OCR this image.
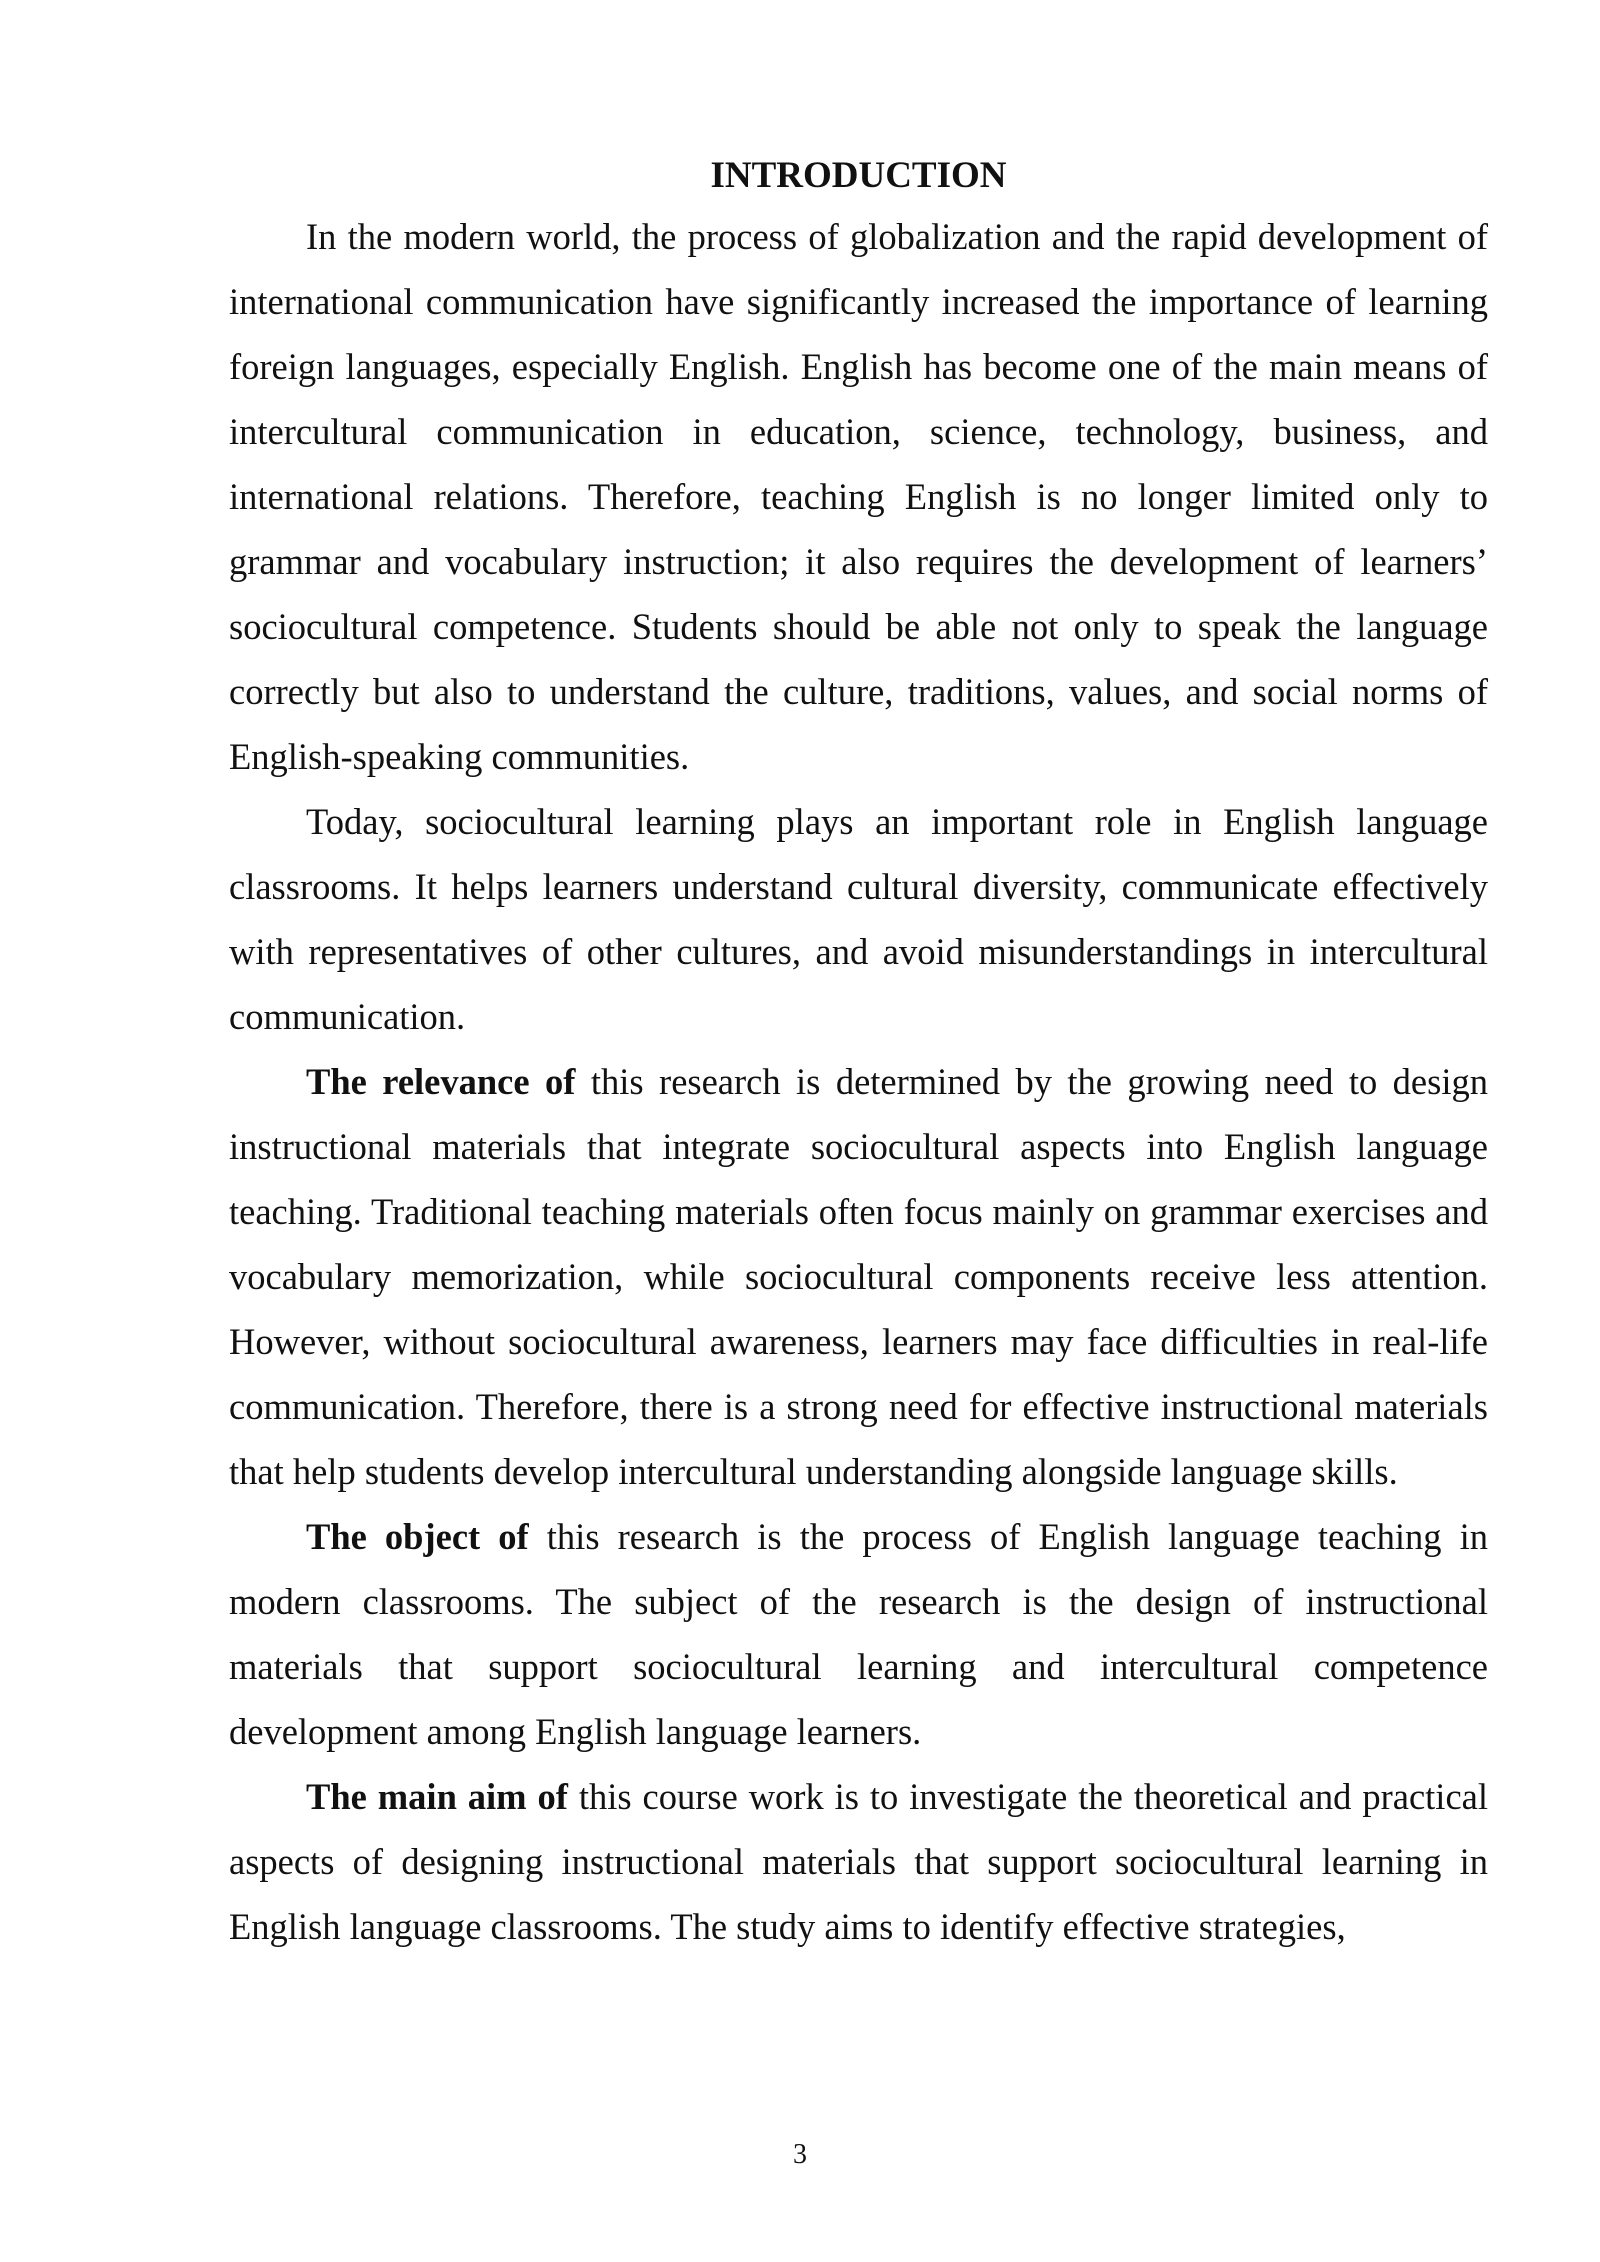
INTRODUCTION

In the modern world, the process of globalization and the rapid development of international communication have significantly increased the importance of learning foreign languages, especially English. English has become one of the main means of intercultural communication in education, science, technology, business, and international relations. Therefore, teaching English is no longer limited only to grammar and vocabulary instruction; it also requires the development of learners’ sociocultural competence. Students should be able not only to speak the language correctly but also to understand the culture, traditions, values, and social norms of English-speaking communities.

Today, sociocultural learning plays an important role in English language classrooms. It helps learners understand cultural diversity, communicate effectively with representatives of other cultures, and avoid misunderstandings in intercultural communication.

The relevance of this research is determined by the growing need to design instructional materials that integrate sociocultural aspects into English language teaching. Traditional teaching materials often focus mainly on grammar exercises and vocabulary memorization, while sociocultural components receive less attention. However, without sociocultural awareness, learners may face difficulties in real-life communication. Therefore, there is a strong need for effective instructional materials that help students develop intercultural understanding alongside language skills.

The object of this research is the process of English language teaching in modern classrooms. The subject of the research is the design of instructional materials that support sociocultural learning and intercultural competence development among English language learners.

The main aim of this course work is to investigate the theoretical and practical aspects of designing instructional materials that support sociocultural learning in English language classrooms. The study aims to identify effective strategies,

3
